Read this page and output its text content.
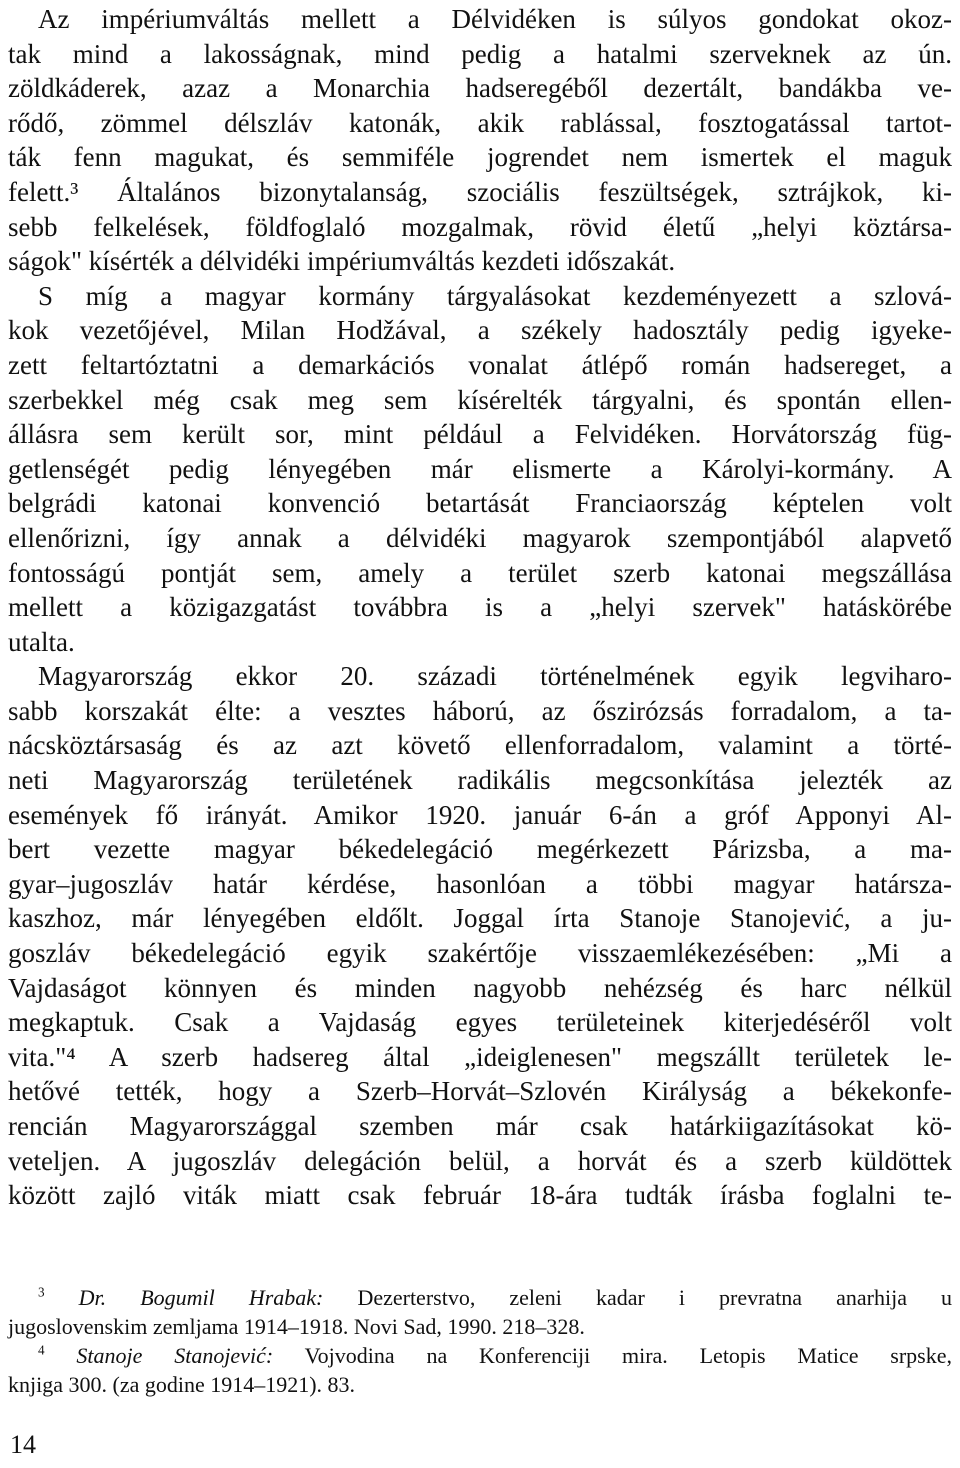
Az impériumváltás mellett a Délvidéken is súlyos gondokat okoz-
tak mind a lakosságnak, mind pedig a hatalmi szerveknek az ún.
zöldkáderek, azaz a Monarchia hadseregéből dezertált, bandákba ve-
rődő, zömmel délszláv katonák, akik rablással, fosztogatással tartot-
ták fenn magukat, és semmiféle jogrendet nem ismertek el maguk
felett.³ Általános bizonytalanság, szociális feszültségek, sztrájkok, ki-
sebb felkelések, földfoglaló mozgalmak, rövid életű „helyi köztársa-
ságok" kísérték a délvidéki impériumváltás kezdeti időszakát.
S míg a magyar kormány tárgyalásokat kezdeményezett a szlová-
kok vezetőjével, Milan Hodžával, a székely hadosztály pedig igyeke-
zett feltartóztatni a demarkációs vonalat átlépő román hadsereget, a
szerbekkel még csak meg sem kísérelték tárgyalni, és spontán ellen-
állásra sem került sor, mint például a Felvidéken. Horvátország füg-
getlenségét pedig lényegében már elismerte a Károlyi-kormány. A
belgrádi katonai konvenció betartását Franciaország képtelen volt
ellenőrizni, így annak a délvidéki magyarok szempontjából alapvető
fontosságú pontját sem, amely a terület szerb katonai megszállása
mellett a közigazgatást továbbra is a „helyi szervek" hatáskörébe
utalta.
Magyarország ekkor 20. századi történelmének egyik legviharo-
sabb korszakát élte: a vesztes háború, az őszirózsás forradalom, a ta-
nácsköztársaság és az azt követő ellenforradalom, valamint a törté-
neti Magyarország területének radikális megcsonkítása jelezték az
események fő irányát. Amikor 1920. január 6-án a gróf Apponyi Al-
bert vezette magyar békedelegáció megérkezett Párizsba, a ma-
gyar–jugoszláv határ kérdése, hasonlóan a többi magyar határsza-
kaszhoz, már lényegében eldőlt. Joggal írta Stanoje Stanojević, a ju-
goszláv békedelegáció egyik szakértője visszaemlékezésében: „Mi a
Vajdaságot könnyen és minden nagyobb nehézség és harc nélkül
megkaptuk. Csak a Vajdaság egyes területeinek kiterjedéséről volt
vita."⁴ A szerb hadsereg által „ideiglenesen" megszállt területek le-
hetővé tették, hogy a Szerb–Horvát–Szlovén Királyság a békekonfe-
rencián Magyarországgal szemben már csak határkiigazításokat kö-
veteljen. A jugoszláv delegáción belül, a horvát és a szerb küldöttek
között zajló viták miatt csak február 18-ára tudták írásba foglalni te-
$^3$ Dr. Bogumil Hrabak: Dezerterstvo, zeleni kadar i prevratna anarhija u
jugoslovenskim zemljama 1914–1918. Novi Sad, 1990. 218–328.
$^4$ Stanoje Stanojević: Vojvodina na Konferenciji mira. Letopis Matice srpske,
knjiga 300. (za godine 1914–1921). 83.
14
